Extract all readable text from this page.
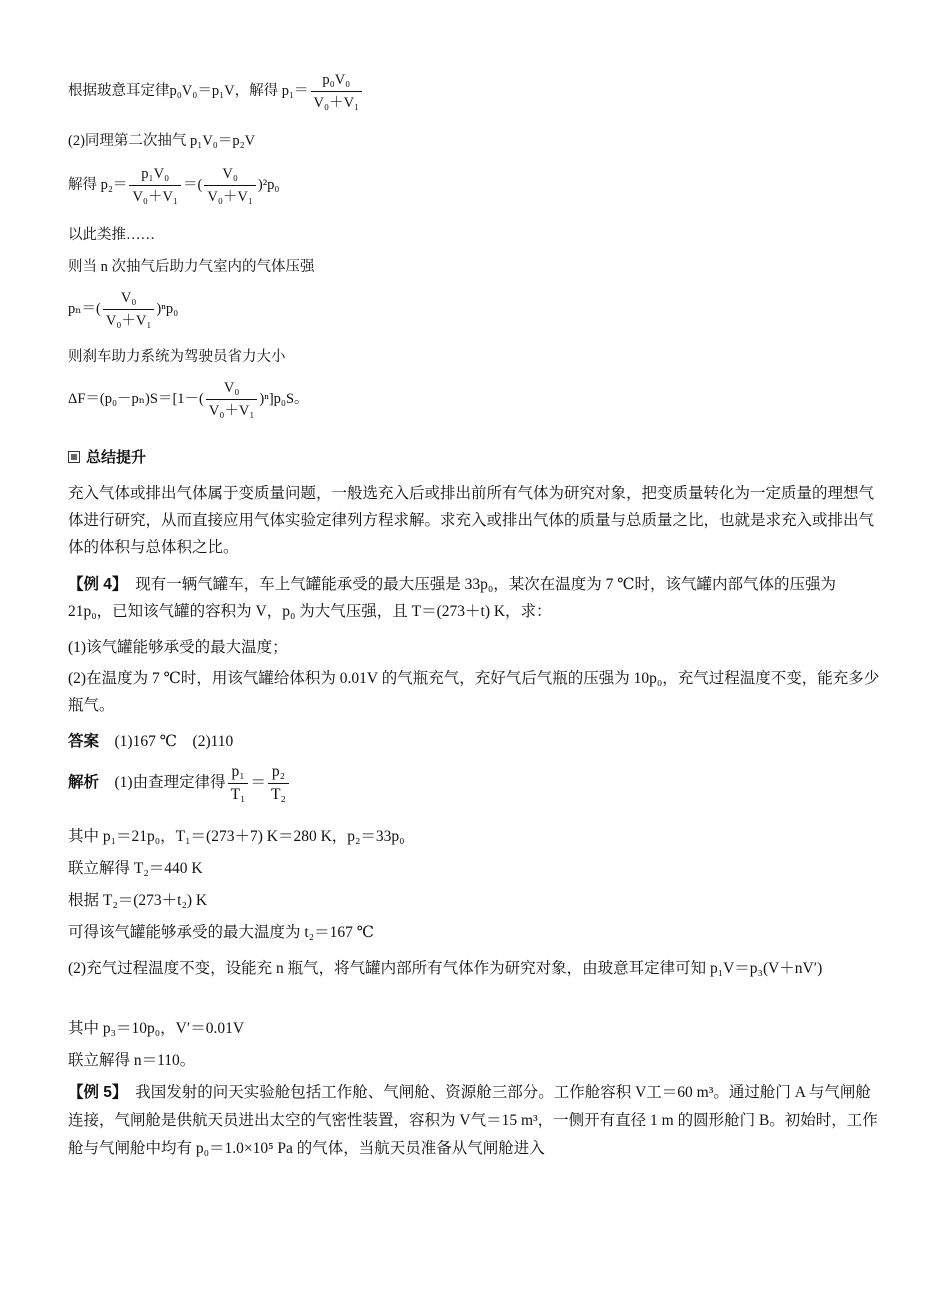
根据玻意耳定律p₀V₀＝p₁V，解得 $p_1= \frac{\text{p₀V₀}}{\text{V₀＋V₁}}$
(2)同理第二次抽气 p₁V₀＝p₂V
解得 $p_2= \frac{\text{p₁V₀}}{\text{V₀＋V₁}}$ ＝( $\frac{\text{V₀}}{\text{V₀＋V₁}} )^2p_0$
以此类推……
则当 n 次抽气后助力气室内的气体压强
$p_n=( \frac{\text{V₀}}{\text{V₀＋V₁}} )^np_0$
则刹车助力系统为驾驶员省力大小
$\Delta F=(p_0-p_n)S=[1-( \frac{\text{V₀}}{\text{V₀＋V₁}} )^n]p_0S$。
总结提升
充入气体或排出气体属于变质量问题，一般选充入后或排出前所有气体为研究对象，把变质量转化为一定质量的理想气体进行研究，从而直接应用气体实验定律列方程求解。求充入或排出气体的质量与总质量之比，也就是求充入或排出气体的体积与总体积之比。
【例 4】　现有一辆气罐车，车上气罐能承受的最大压强是 33p₀，某次在温度为 7 ℃时，该气罐内部气体的压强为 21p₀，已知该气罐的容积为 V，p₀ 为大气压强，且 T＝(273＋t) K，求：
(1)该气罐能够承受的最大温度；
(2)在温度为 7 ℃时，用该气罐给体积为 0.01V 的气瓶充气，充好气后气瓶的压强为 10p₀，充气过程温度不变，能充多少瓶气。
答案　(1)167 ℃　(2)110
解析　(1)由查理定律得 $\frac{\text{p₁}}{\text{T₁}} = \frac{\text{p₂}}{\text{T₂}}$
其中 p₁＝21p₀，T₁＝(273＋7) K＝280 K，p₂＝33p₀
联立解得 T₂＝440 K
根据 T₂＝(273＋t₂) K
可得该气罐能够承受的最大温度为 t₂＝167 ℃
(2)充气过程温度不变，设能充 n 瓶气，将气罐内部所有气体作为研究对象，由玻意耳定律可知 p₁V＝p₃(V＋nV′)
其中 p₃＝10p₀，V′＝0.01V
联立解得 n＝110。
【例 5】　我国发射的问天实验舱包括工作舱、气闸舱、资源舱三部分。工作舱容积 V工＝60 m³。通过舱门 A 与气闸舱连接，气闸舱是供航天员进出太空的气密性装置，容积为 V气＝15 m³，一侧开有直径 1 m 的圆形舱门 B。初始时，工作舱与气闸舱中均有 p₀＝1.0×10⁵ Pa 的气体，当航天员准备从气闸舱进入
